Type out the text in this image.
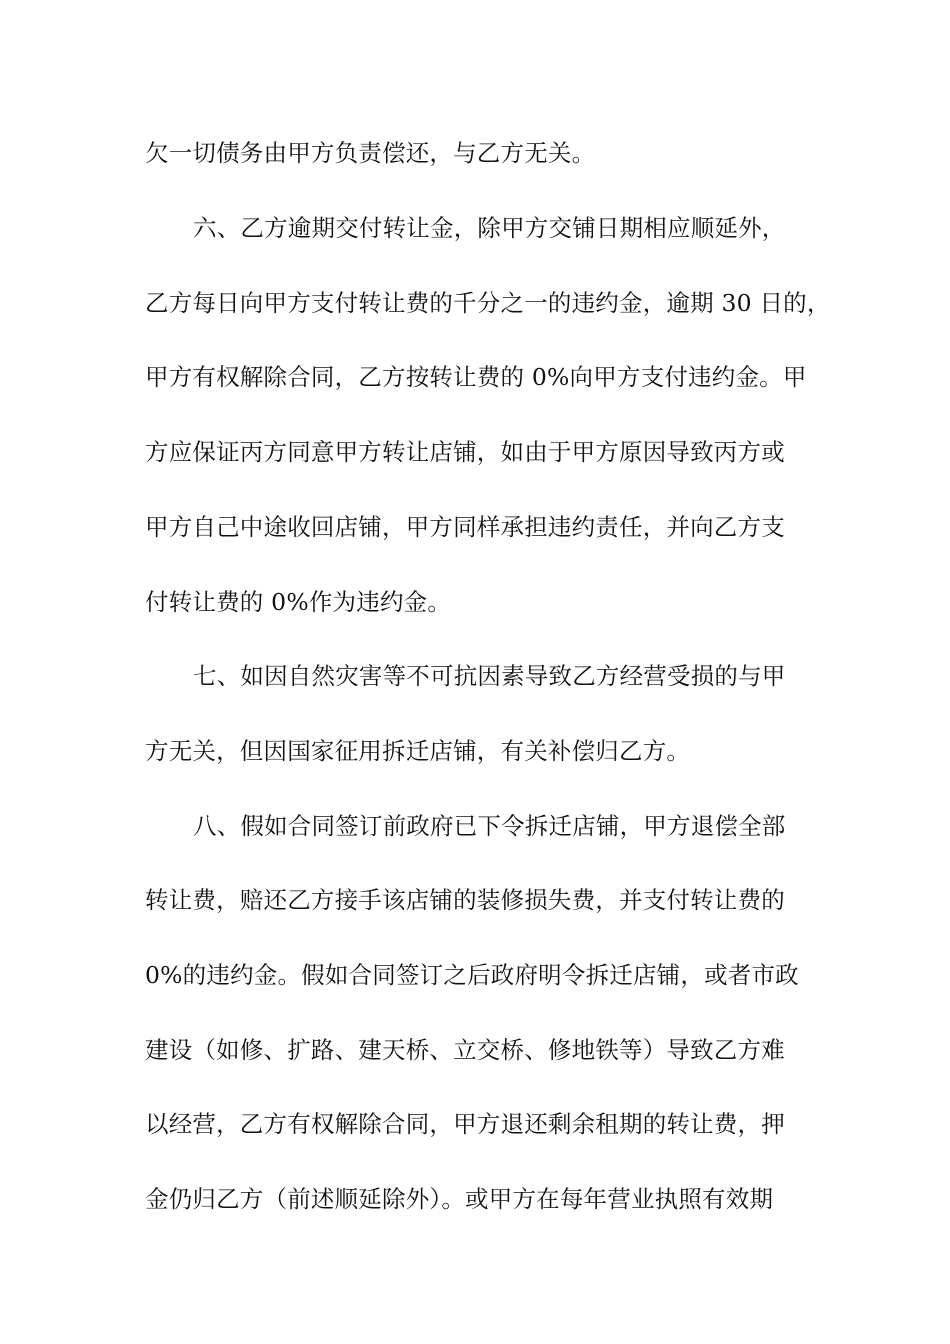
欠一切债务由甲方负责偿还，与乙方无关。
六、乙方逾期交付转让金，除甲方交铺日期相应顺延外，
乙方每日向甲方支付转让费的千分之一的违约金，逾期 30 日的，
甲方有权解除合同，乙方按转让费的 0%向甲方支付违约金。甲
方应保证丙方同意甲方转让店铺，如由于甲方原因导致丙方或
甲方自己中途收回店铺，甲方同样承担违约责任，并向乙方支
付转让费的 0%作为违约金。
七、如因自然灾害等不可抗因素导致乙方经营受损的与甲
方无关，但因国家征用拆迁店铺，有关补偿归乙方。
八、假如合同签订前政府已下令拆迁店铺，甲方退偿全部
转让费，赔还乙方接手该店铺的装修损失费，并支付转让费的
0%的违约金。假如合同签订之后政府明令拆迁店铺，或者市政
建设（如修、扩路、建天桥、立交桥、修地铁等）导致乙方难
以经营，乙方有权解除合同，甲方退还剩余租期的转让费，押
金仍归乙方（前述顺延除外）。或甲方在每年营业执照有效期
